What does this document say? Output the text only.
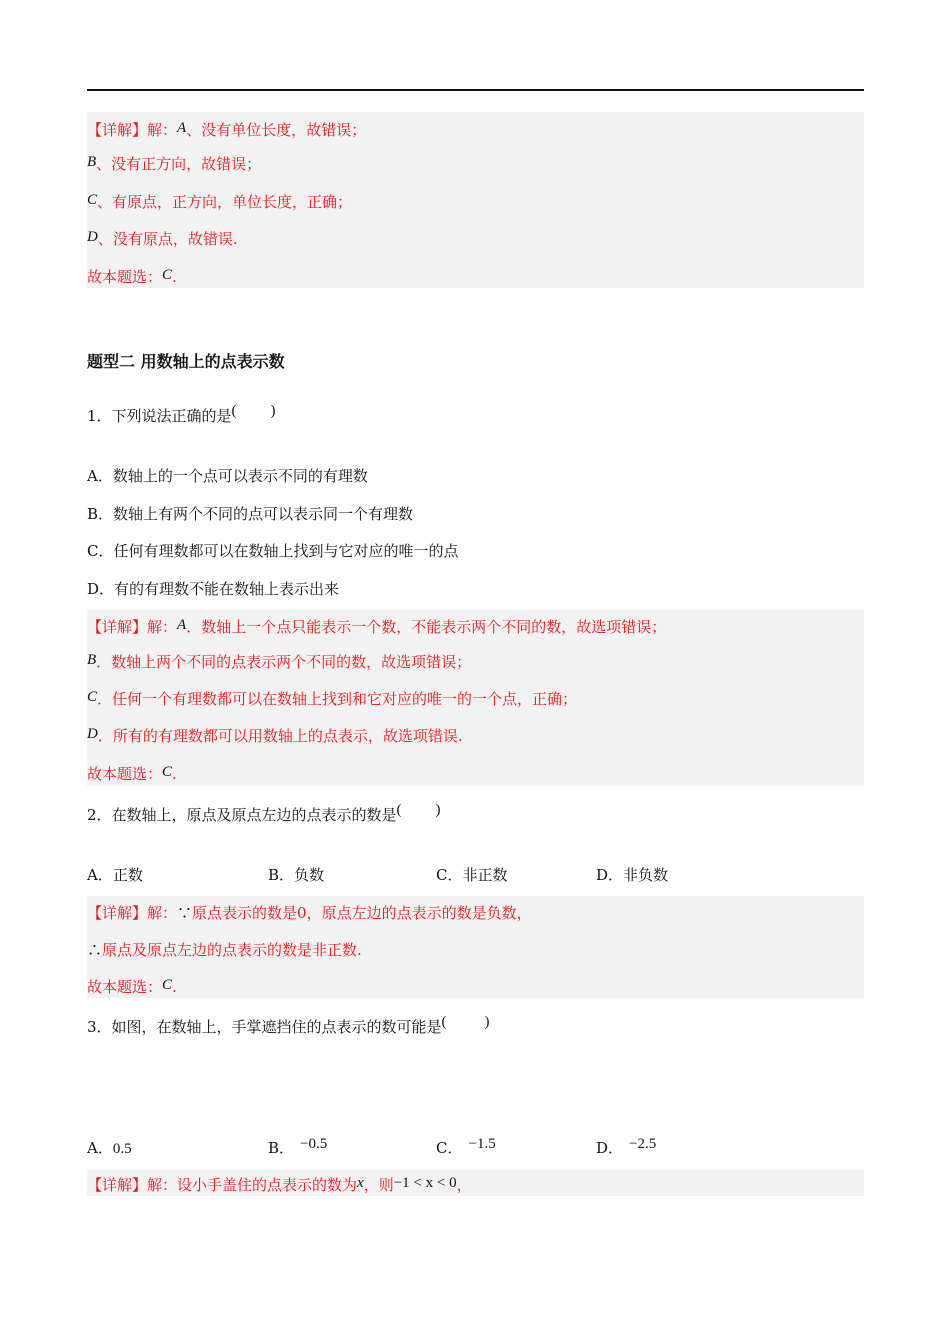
【详解】解：A、没有单位长度，故错误；
B、没有正方向，故错误；
C、有原点，正方向，单位长度，正确；
D、没有原点，故错误.
故本题选：C.
题型二 用数轴上的点表示数
1．下列说法正确的是( )
A．数轴上的一个点可以表示不同的有理数
B．数轴上有两个不同的点可以表示同一个有理数
C．任何有理数都可以在数轴上找到与它对应的唯一的点
D．有的有理数不能在数轴上表示出来
【详解】解：A．数轴上一个点只能表示一个数，不能表示两个不同的数，故选项错误；
B．数轴上两个不同的点表示两个不同的数，故选项错误；
C．任何一个有理数都可以在数轴上找到和它对应的唯一的一个点，正确；
D．所有的有理数都可以用数轴上的点表示，故选项错误.
故本题选：C.
2．在数轴上，原点及原点左边的点表示的数是( )
A．正数	B．负数	C．非正数	D．非负数
【详解】解：∵原点表示的数是0，原点左边的点表示的数是负数，
∴原点及原点左边的点表示的数是非正数.
故本题选：C.
3．如图，在数轴上，手掌遮挡住的点表示的数可能是(	)
A．0.5	B． −0.5	C． −1.5	D． −2.5
【详解】解：设小手盖住的点表示的数为x，则−1 < x < 0，
